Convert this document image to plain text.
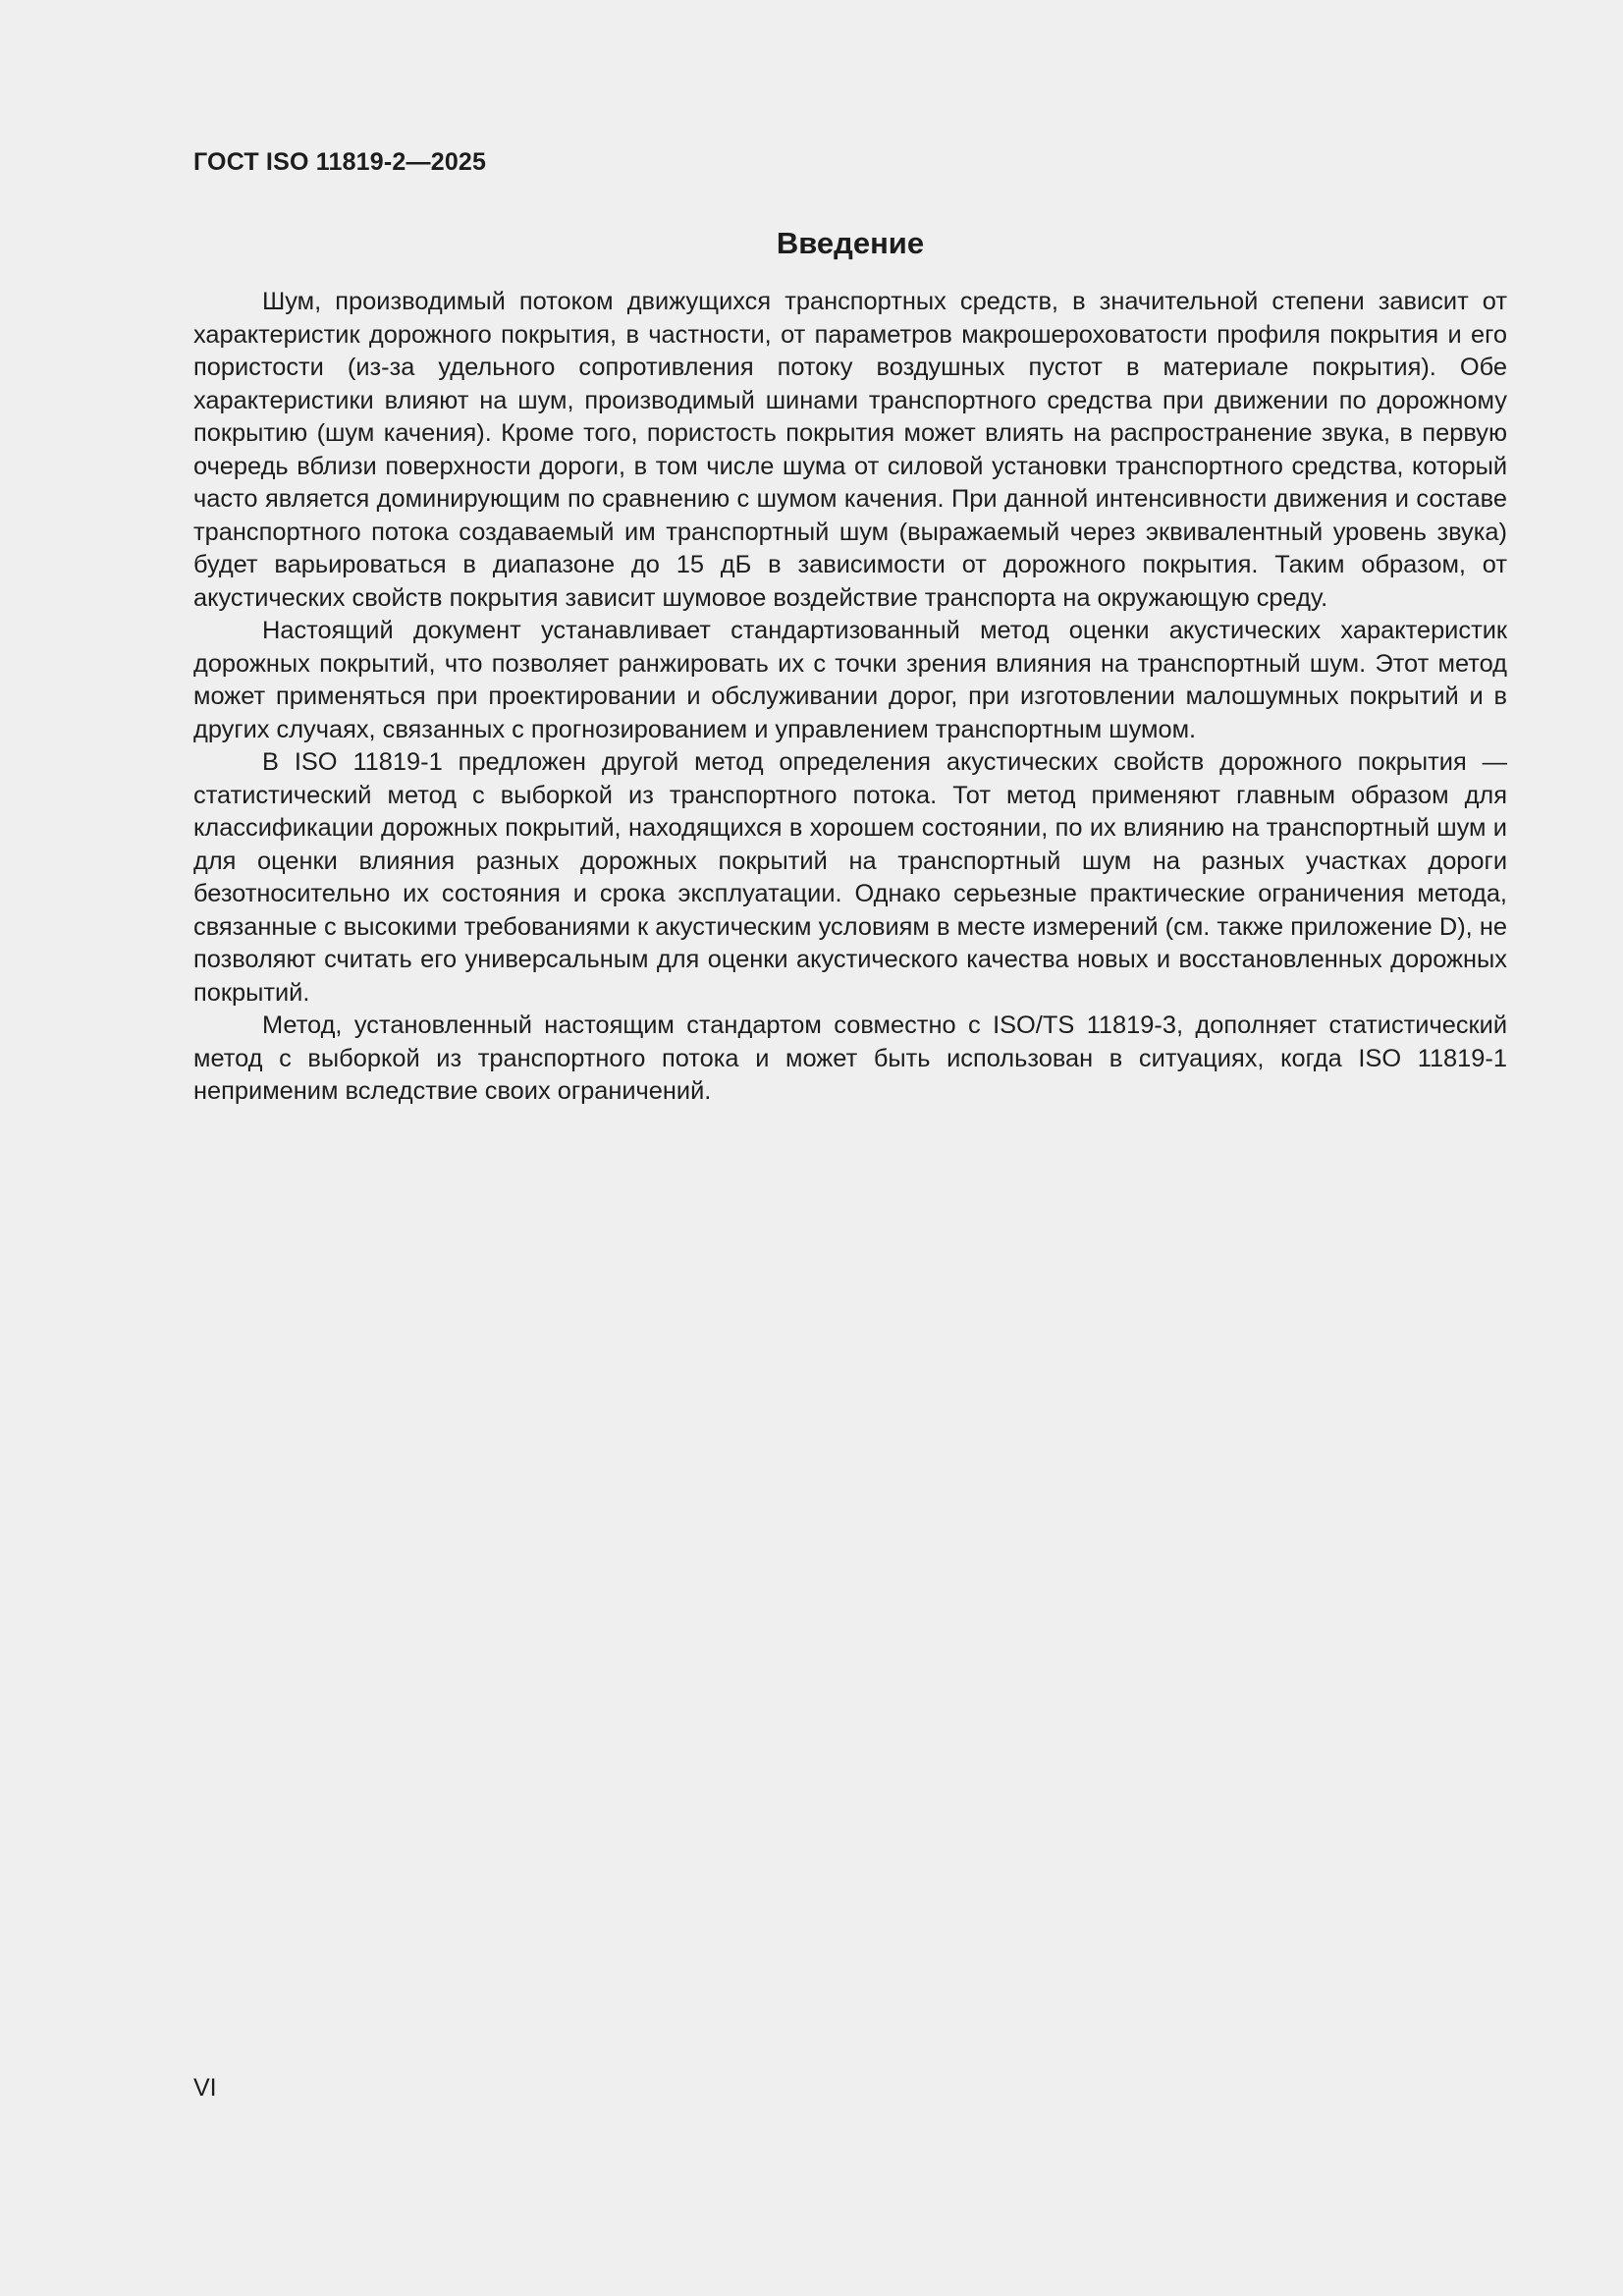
ГОСТ ISO 11819-2—2025
Введение

Шум, производимый потоком движущихся транспортных средств, в значительной степени зависит от характеристик дорожного покрытия, в частности, от параметров макрошероховатости профиля покрытия и его пористости (из-за удельного сопротивления потоку воздушных пустот в материале покрытия). Обе характеристики влияют на шум, производимый шинами транспортного средства при движении по дорожному покрытию (шум качения). Кроме того, пористость покрытия может влиять на распространение звука, в первую очередь вблизи поверхности дороги, в том числе шума от силовой установки транспортного средства, который часто является доминирующим по сравнению с шумом качения. При данной интенсивности движения и составе транспортного потока создаваемый им транспортный шум (выражаемый через эквивалентный уровень звука) будет варьироваться в диапазоне до 15 дБ в зависимости от дорожного покрытия. Таким образом, от акустических свойств покрытия зависит шумовое воздействие транспорта на окружающую среду.

Настоящий документ устанавливает стандартизованный метод оценки акустических характеристик дорожных покрытий, что позволяет ранжировать их с точки зрения влияния на транспортный шум. Этот метод может применяться при проектировании и обслуживании дорог, при изготовлении малошумных покрытий и в других случаях, связанных с прогнозированием и управлением транспортным шумом.

В ISO 11819-1 предложен другой метод определения акустических свойств дорожного покрытия — статистический метод с выборкой из транспортного потока. Тот метод применяют главным образом для классификации дорожных покрытий, находящихся в хорошем состоянии, по их влиянию на транспортный шум и для оценки влияния разных дорожных покрытий на транспортный шум на разных участках дороги безотносительно их состояния и срока эксплуатации. Однако серьезные практические ограничения метода, связанные с высокими требованиями к акустическим условиям в месте измерений (см. также приложение D), не позволяют считать его универсальным для оценки акустического качества новых и восстановленных дорожных покрытий.

Метод, установленный настоящим стандартом совместно с ISO/TS 11819-3, дополняет статистический метод с выборкой из транспортного потока и может быть использован в ситуациях, когда ISO 11819-1 неприменим вследствие своих ограничений.

VI
